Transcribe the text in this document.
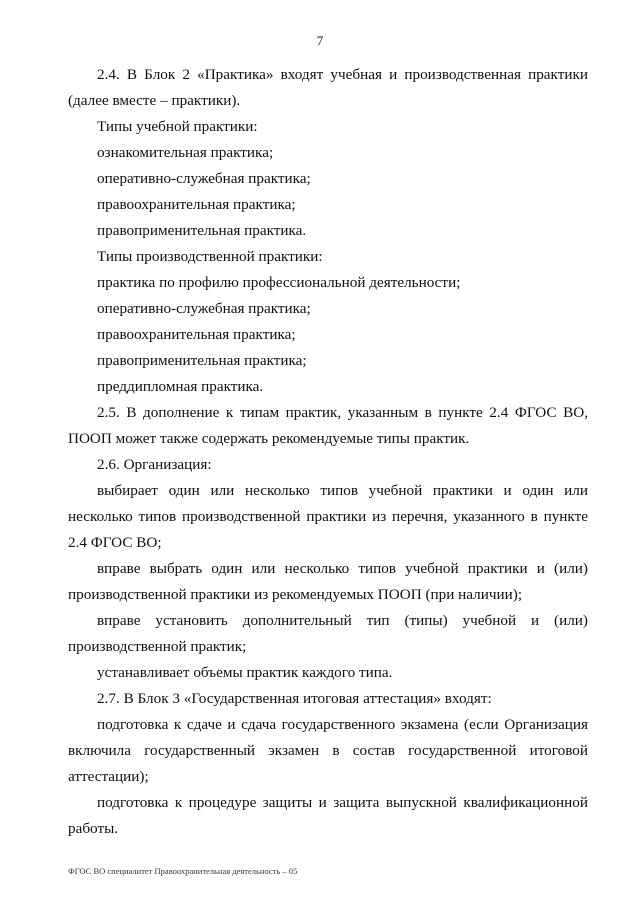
7

2.4. В Блок 2 «Практика» входят учебная и производственная практики (далее вместе – практики).

Типы учебной практики:

ознакомительная практика;

оперативно-служебная практика;

правоохранительная практика;

правоприменительная практика.

Типы производственной практики:

практика по профилю профессиональной деятельности;

оперативно-служебная практика;

правоохранительная практика;

правоприменительная практика;

преддипломная практика.

2.5. В дополнение к типам практик, указанным в пункте 2.4 ФГОС ВО, ПООП может также содержать рекомендуемые типы практик.

2.6. Организация:

выбирает один или несколько типов учебной практики и один или несколько типов производственной практики из перечня, указанного в пункте 2.4 ФГОС ВО;

вправе выбрать один или несколько типов учебной практики и (или) производственной практики из рекомендуемых ПООП (при наличии);

вправе установить дополнительный тип (типы) учебной и (или) производственной практик;

устанавливает объемы практик каждого типа.

2.7. В Блок 3 «Государственная итоговая аттестация» входят:

подготовка к сдаче и сдача государственного экзамена (если Организация включила государственный экзамен в состав государственной итоговой аттестации);

подготовка к процедуре защиты и защита выпускной квалификационной работы.

ФГОС ВО специалитет Правоохранительная деятельность – 05
